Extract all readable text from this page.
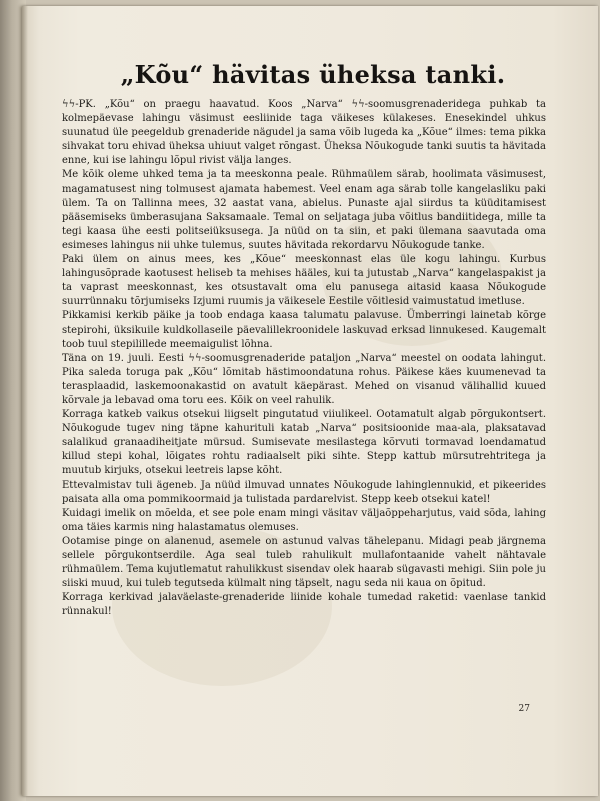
„Kõu“ hävitas üheksa tanki.

ϟϟ-PK. „Kõu“ on praegu haavatud. Koos „Narva“ ϟϟ-soomusgrenaderidega puhkab ta kolmepäevase lahingu väsimust eesliinide taga väikeses külakeses. Enesekindel uhkus suunatud üle peegeldub grenaderide nägudel ja sama võib lugeda ka „Kõue“ ilmes: tema pikka sihvakat toru ehivad üheksa uhiuut valget rõngast. Üheksa Nõukogude tanki suutis ta hävitada enne, kui ise lahingu lõpul rivist välja langes.

Me kõik oleme uhked tema ja ta meeskonna peale. Rühmaülem särab, hoolimata väsimusest, magamatusest ning tolmusest ajamata habemest. Veel enam aga särab tolle kangelasliku paki ülem. Ta on Tallinna mees, 32 aastat vana, abielus. Punaste ajal siirdus ta küüditamisest pääsemiseks ümberasujana Saksamaale. Temal on seljataga juba võitlus bandiitidega, mille ta tegi kaasa ühe eesti politseiüksusega. Ja nüüd on ta siin, et paki ülemana saavutada oma esimeses lahingus nii uhke tulemus, suutes hävitada rekordarvu Nõukogude tanke.

Paki ülem on ainus mees, kes „Kõue“ meeskonnast elas üle kogu lahingu. Kurbus lahingusõprade kaotusest heliseb ta mehises hääles, kui ta jutustab „Narva“ kangelaspakist ja ta vaprast meeskonnast, kes otsustavalt oma elu panusega aitasid kaasa Nõukogude suurrünnaku tõrjumiseks Izjumi ruumis ja väikesele Eestile võitlesid vaimustatud imetluse.

Pikkamisi kerkib päike ja toob endaga kaasa talumatu palavuse. Ümberringi lainetab kõrge stepirohi, üksikuile kuldkollaseile päevalillekroonidele laskuvad erksad linnukesed. Kaugemalt toob tuul stepilillede meemaigulist lõhna.

Täna on 19. juuli. Eesti ϟϟ-soomusgrenaderide pataljon „Narva“ meestel on oodata lahingut. Pika saleda toruga pak „Kõu“ lõmitab hästimoondatuna rohus. Päikese käes kuumenevad ta terasplaadid, laskemoonakastid on avatult käepärast. Mehed on visanud välihallid kuued kõrvale ja lebavad oma toru ees. Kõik on veel rahulik.

Korraga katkeb vaikus otsekui liigselt pingutatud viiulikeel. Ootamatult algab põrgukontsert. Nõukogude tugev ning täpne kahurituli katab „Narva“ positsioonide maa-ala, plaksatavad salalikud granaadiheitjate mürsud. Sumisevate mesilastega kõrvuti tormavad loendamatud killud stepi kohal, lõigates rohtu radiaalselt piki sihte. Stepp kattub mürsutrehtritega ja muutub kirjuks, otsekui leetreis lapse kõht.

Ettevalmistav tuli ägeneb. Ja nüüd ilmuvad unnates Nõukogude lahinglennukid, et pikeerides paisata alla oma pommikoormaid ja tulistada pardarelvist. Stepp keeb otsekui katel!

Kuidagi imelik on mõelda, et see pole enam mingi väsitav väljaõppeharjutus, vaid sõda, lahing oma täies karmis ning halastamatus olemuses.

Ootamise pinge on alanenud, asemele on astunud valvas tähelepanu. Midagi peab järgnema sellele põrgukontserdile. Aga seal tuleb rahulikult mullafontaanide vahelt nähtavale rühmaülem. Tema kujutlematut rahulikkust sisendav olek haarab sügavasti mehigi. Siin pole ju siiski muud, kui tuleb tegutseda külmalt ning täpselt, nagu seda nii kaua on õpitud.

Korraga kerkivad jalaväelaste-grenaderide liinide kohale tumedad raketid: vaenlase tankid rünnakul!

27
